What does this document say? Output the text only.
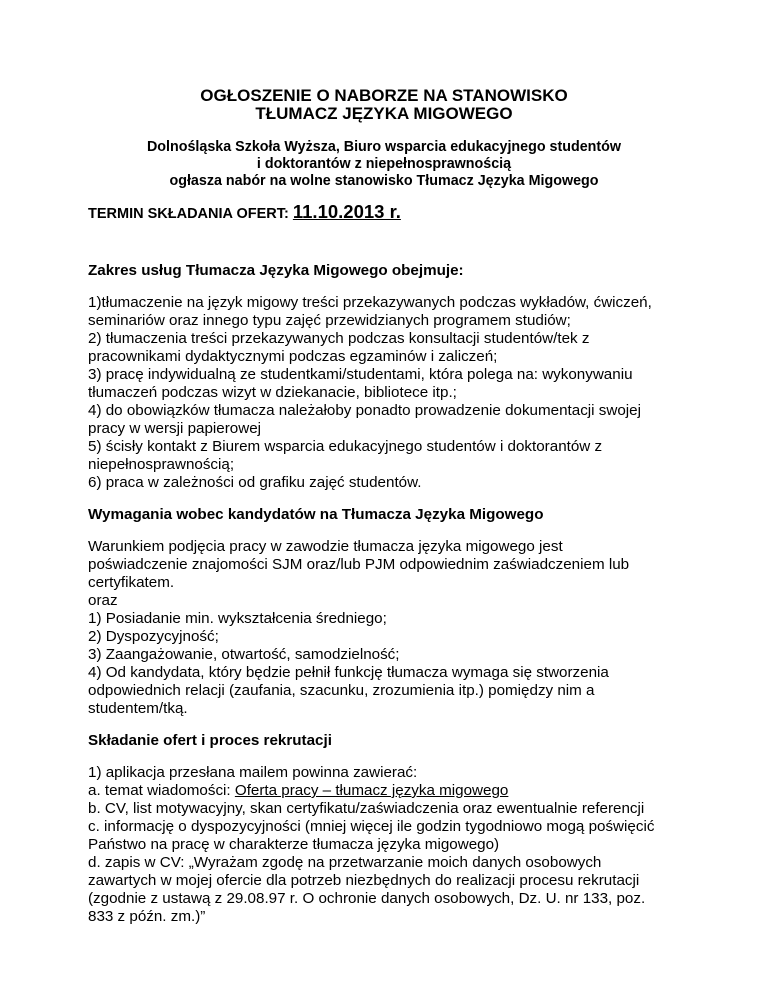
OGŁOSZENIE O NABORZE NA STANOWISKO
TŁUMACZ JĘZYKA MIGOWEGO
Dolnośląska Szkoła Wyższa, Biuro wsparcia edukacyjnego studentów
i doktorantów z niepełnosprawnością
ogłasza nabór na wolne stanowisko Tłumacz Języka Migowego
TERMIN SKŁADANIA OFERT: 11.10.2013 r.
Zakres usług Tłumacza Języka Migowego obejmuje:
1)tłumaczenie na język migowy treści przekazywanych podczas wykładów, ćwiczeń,
seminariów oraz innego typu zajęć przewidzianych programem studiów;
2) tłumaczenia treści przekazywanych podczas konsultacji studentów/tek z
pracownikami dydaktycznymi podczas egzaminów i zaliczeń;
3) pracę indywidualną ze studentkami/studentami, która polega na: wykonywaniu
tłumaczeń podczas wizyt w dziekanacie, bibliotece itp.;
4) do obowiązków tłumacza należałoby ponadto prowadzenie dokumentacji swojej
pracy w wersji papierowej
5) ścisły kontakt z Biurem wsparcia edukacyjnego studentów i doktorantów z
niepełnosprawnością;
6) praca w zależności od grafiku zajęć studentów.
Wymagania wobec kandydatów na Tłumacza Języka Migowego
Warunkiem podjęcia pracy w zawodzie tłumacza języka migowego jest
poświadczenie znajomości SJM oraz/lub PJM odpowiednim zaświadczeniem lub
certyfikatem.
oraz
1) Posiadanie min. wykształcenia średniego;
2) Dyspozycyjność;
3) Zaangażowanie, otwartość, samodzielność;
4) Od kandydata, który będzie pełnił funkcję tłumacza wymaga się stworzenia
odpowiednich relacji (zaufania, szacunku, zrozumienia itp.) pomiędzy nim a
studentem/tką.
Składanie ofert i proces rekrutacji
1) aplikacja przesłana mailem powinna zawierać:
a. temat wiadomości: Oferta pracy – tłumacz języka migowego
b. CV, list motywacyjny, skan certyfikatu/zaświadczenia oraz ewentualnie referencji
c. informację o dyspozycyjności (mniej więcej ile godzin tygodniowo mogą poświęcić
Państwo na pracę w charakterze tłumacza języka migowego)
d. zapis w CV: „Wyrażam zgodę na przetwarzanie moich danych osobowych
zawartych w mojej ofercie dla potrzeb niezbędnych do realizacji procesu rekrutacji
(zgodnie z ustawą z 29.08.97 r. O ochronie danych osobowych, Dz. U. nr 133, poz.
833 z późn. zm.)”
